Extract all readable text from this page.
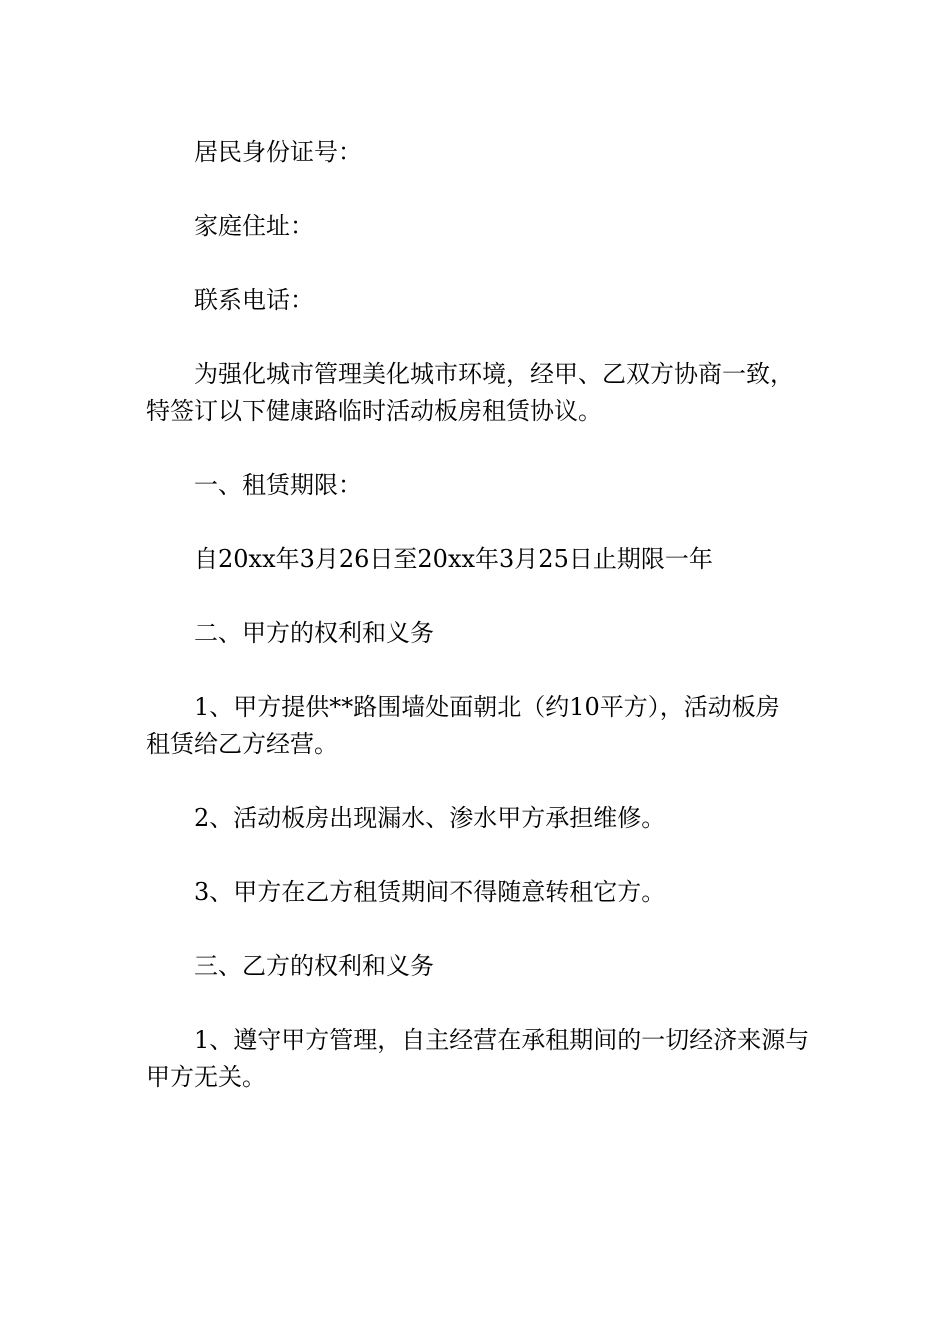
居民身份证号：

家庭住址：

联系电话：

为强化城市管理美化城市环境，经甲、乙双方协商一致，
特签订以下健康路临时活动板房租赁协议。

一、租赁期限：

自20xx年3月26日至20xx年3月25日止期限一年

二、甲方的权利和义务

1、甲方提供**路围墙处面朝北（约10平方），活动板房
租赁给乙方经营。

2、活动板房出现漏水、渗水甲方承担维修。

3、甲方在乙方租赁期间不得随意转租它方。

三、乙方的权利和义务

1、遵守甲方管理，自主经营在承租期间的一切经济来源与
甲方无关。
